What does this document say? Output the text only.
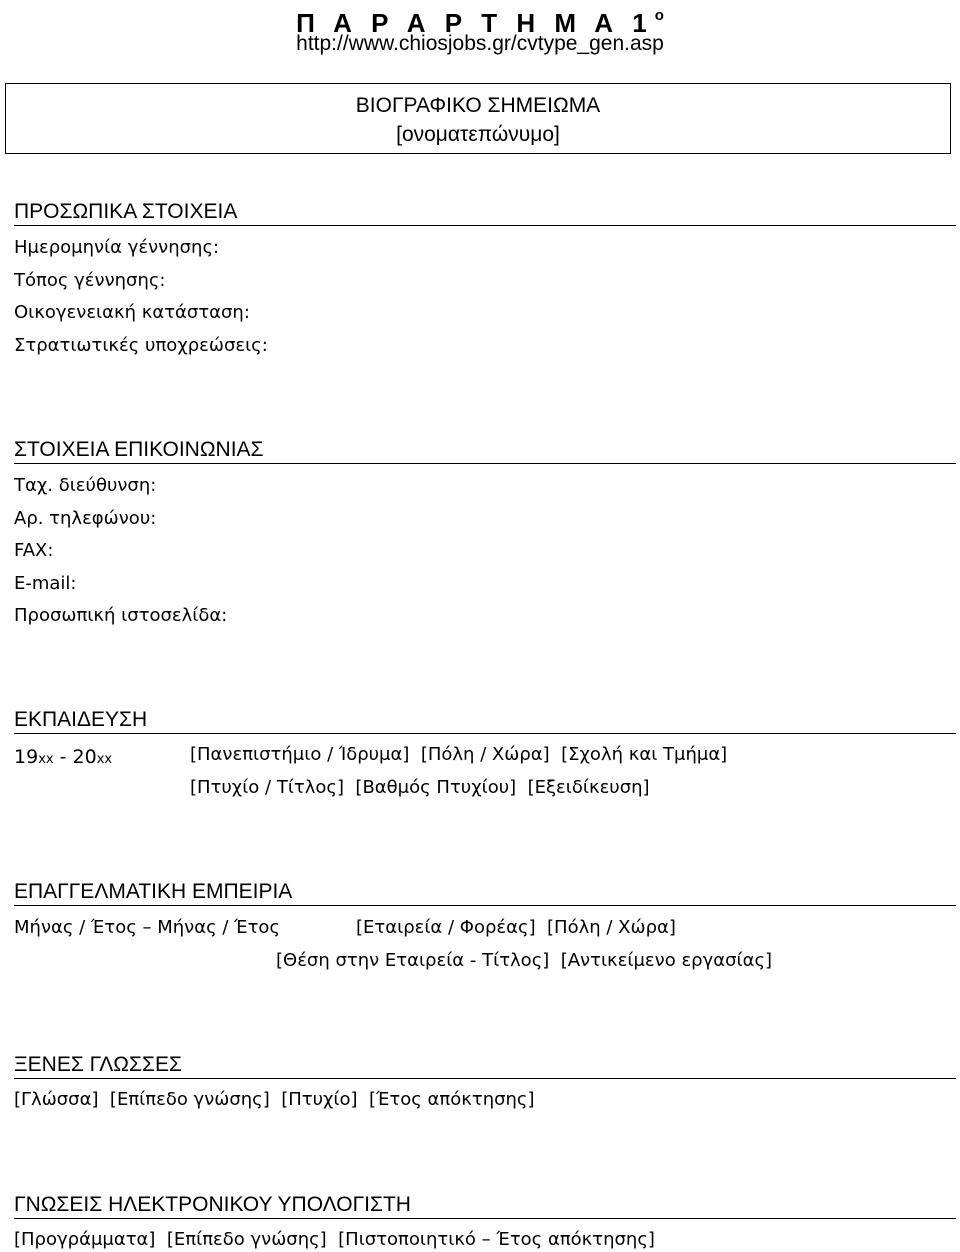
Π Α Ρ Α Ρ Τ Η Μ Α 1 $^o$
http://www.chiosjobs.gr/cvtype_gen.asp
ΒΙΟΓΡΑΦΙΚΟ ΣΗΜΕΙΩΜΑ
[ονοματεπώνυμο]
ΠΡΟΣΩΠΙΚΑ ΣΤΟΙΧΕΙΑ
Ημερομηνία γέννησης:
Τόπος γέννησης:
Οικογενειακή κατάσταση:
Στρατιωτικές υποχρεώσεις:
ΣΤΟΙΧΕΙΑ ΕΠΙΚΟΙΝΩΝΙΑΣ
Ταχ. διεύθυνση:
Αρ. τηλεφώνου:
FAX:
E-mail:
Προσωπική ιστοσελίδα:
ΕΚΠΑΙΔΕΥΣΗ
19xx - 20xx	[Πανεπιστήμιο / Ίδρυμα]  [Πόλη / Χώρα]  [Σχολή και Τμήμα]
[Πτυχίο / Τίτλος]  [Βαθμός Πτυχίου]  [Εξειδίκευση]
ΕΠΑΓΓΕΛΜΑΤΙΚΗ ΕΜΠΕΙΡΙΑ
Μήνας / Έτος – Μήνας / Έτος	[Εταιρεία / Φορέας]  [Πόλη / Χώρα]
[Θέση στην Εταιρεία - Τίτλος]  [Αντικείμενο εργασίας]
ΞΕΝΕΣ ΓΛΩΣΣΕΣ
[Γλώσσα]  [Επίπεδο γνώσης]  [Πτυχίο]  [Έτος απόκτησης]
ΓΝΩΣΕΙΣ ΗΛΕΚΤΡΟΝΙΚΟΥ ΥΠΟΛΟΓΙΣΤΗ
[Προγράμματα]  [Επίπεδο γνώσης]  [Πιστοποιητικό – Έτος απόκτησης]
